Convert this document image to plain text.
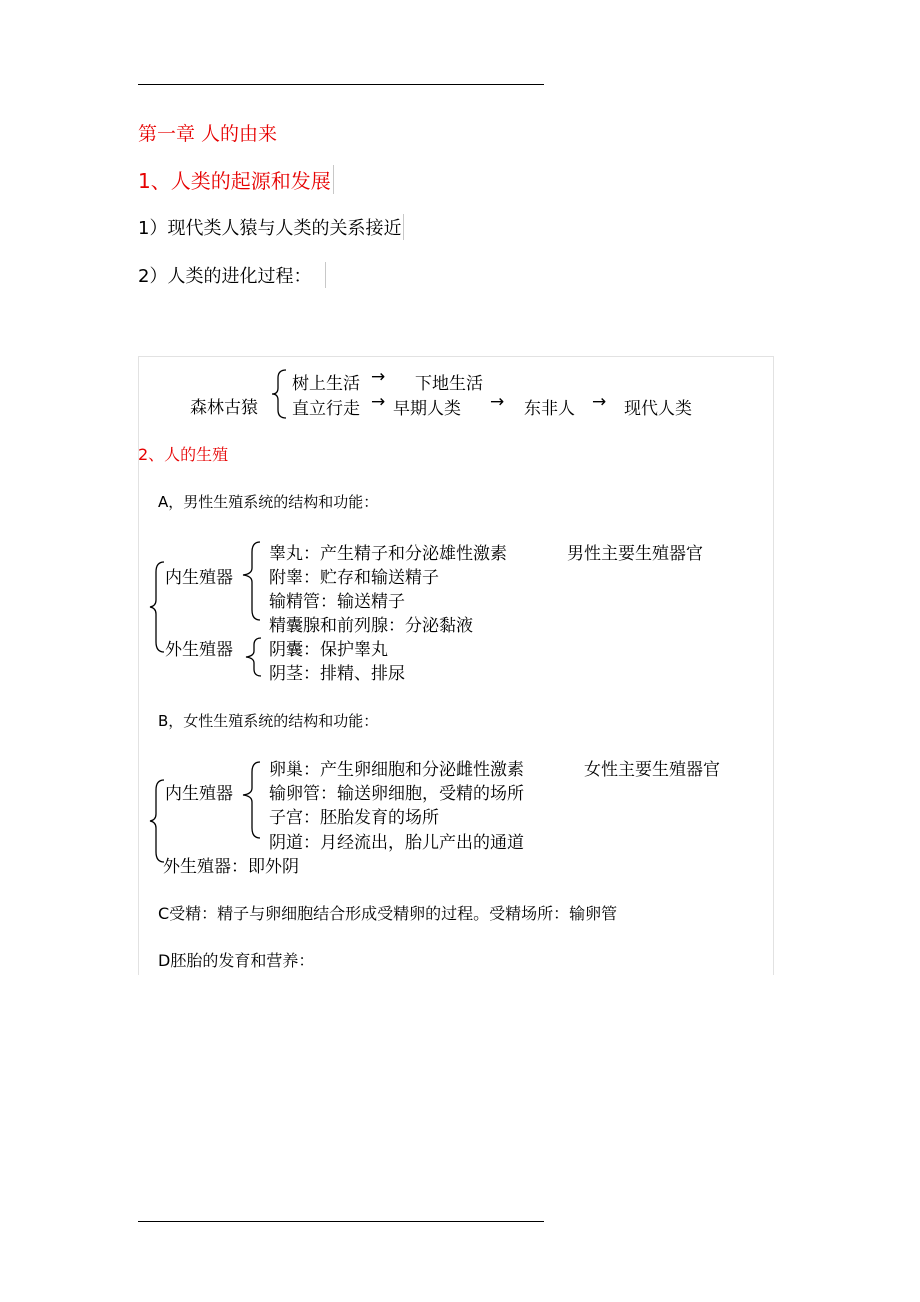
第一章 人的由来
1、人类的起源和发展
1）现代类人猿与人类的关系接近
2）人类的进化过程：
森林古猿
树上生活 → 下地生活
直立行走 → 早期人类 → 东非人 → 现代人类
2、人的生殖
A，男性生殖系统的结构和功能：
内生殖器
睾丸：产生精子和分泌雄性激素	男性主要生殖器官
附睾：贮存和输送精子
输精管：输送精子
精囊腺和前列腺：分泌黏液
外生殖器 阴囊：保护睾丸
阴茎：排精、排尿
B，女性生殖系统的结构和功能：
内生殖器
卵巢：产生卵细胞和分泌雌性激素	女性主要生殖器官
输卵管：输送卵细胞，受精的场所
子宫：胚胎发育的场所
阴道：月经流出，胎儿产出的通道
外生殖器：即外阴
C受精：精子与卵细胞结合形成受精卵的过程。受精场所：输卵管
D胚胎的发育和营养：
